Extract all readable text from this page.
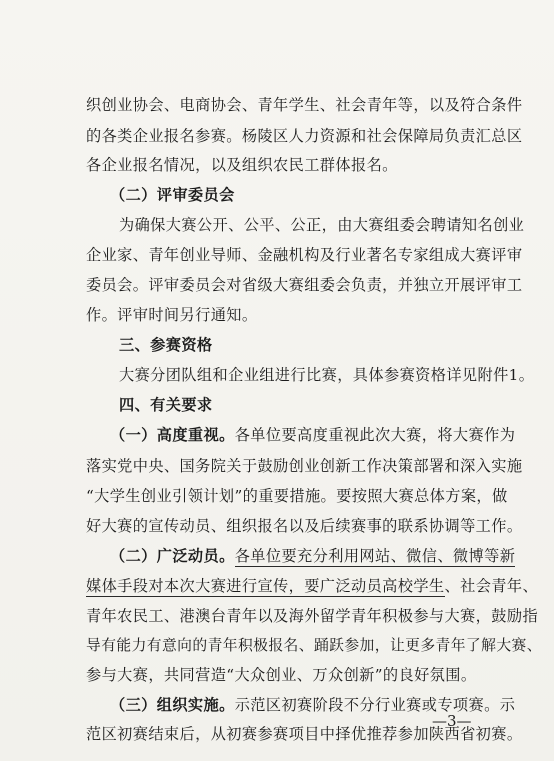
织创业协会、电商协会、青年学生、社会青年等，以及符合条件
的各类企业报名参赛。杨陵区人力资源和社会保障局负责汇总区
各企业报名情况，以及组织农民工群体报名。
（二）评审委员会
为确保大赛公开、公平、公正，由大赛组委会聘请知名创业
企业家、青年创业导师、金融机构及行业著名专家组成大赛评审
委员会。评审委员会对省级大赛组委会负责，并独立开展评审工
作。评审时间另行通知。
三、参赛资格
大赛分团队组和企业组进行比赛，具体参赛资格详见附件1。
四、有关要求
（一）高度重视。各单位要高度重视此次大赛，将大赛作为
落实党中央、国务院关于鼓励创业创新工作决策部署和深入实施
“大学生创业引领计划”的重要措施。要按照大赛总体方案，做
好大赛的宣传动员、组织报名以及后续赛事的联系协调等工作。
（二）广泛动员。各单位要充分利用网站、微信、微博等新
媒体手段对本次大赛进行宣传，要广泛动员高校学生、社会青年、
青年农民工、港澳台青年以及海外留学青年积极参与大赛，鼓励指
导有能力有意向的青年积极报名、踊跃参加，让更多青年了解大赛、
参与大赛，共同营造“大众创业、万众创新”的良好氛围。
（三）组织实施。示范区初赛阶段不分行业赛或专项赛。示
范区初赛结束后，从初赛参赛项目中择优推荐参加陕西省初赛。
—3—
